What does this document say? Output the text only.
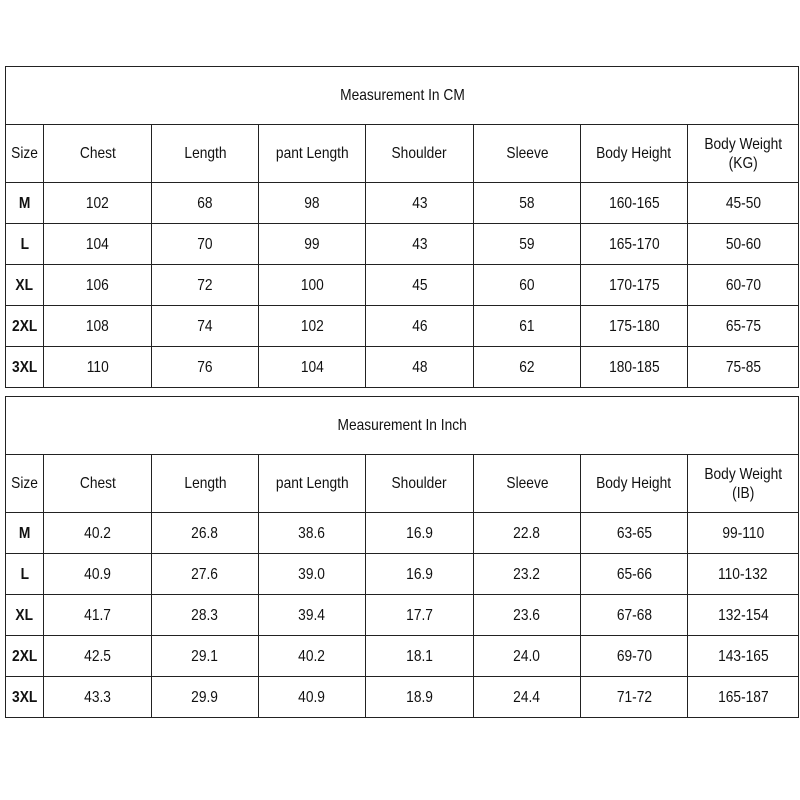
Measurement In CM							
Size	Chest	Length	pant Length	Shoulder	Sleeve	Body Height	Body Weight
(KG)
M	102	68	98	43	58	160-165	45-50
L	104	70	99	43	59	165-170	50-60
XL	106	72	100	45	60	170-175	60-70
2XL	108	74	102	46	61	175-180	65-75
3XL	110	76	104	48	62	180-185	75-85
Measurement In Inch							
Size	Chest	Length	pant Length	Shoulder	Sleeve	Body Height	Body Weight
(IB)
M	40.2	26.8	38.6	16.9	22.8	63-65	99-110
L	40.9	27.6	39.0	16.9	23.2	65-66	110-132
XL	41.7	28.3	39.4	17.7	23.6	67-68	132-154
2XL	42.5	29.1	40.2	18.1	24.0	69-70	143-165
3XL	43.3	29.9	40.9	18.9	24.4	71-72	165-187
